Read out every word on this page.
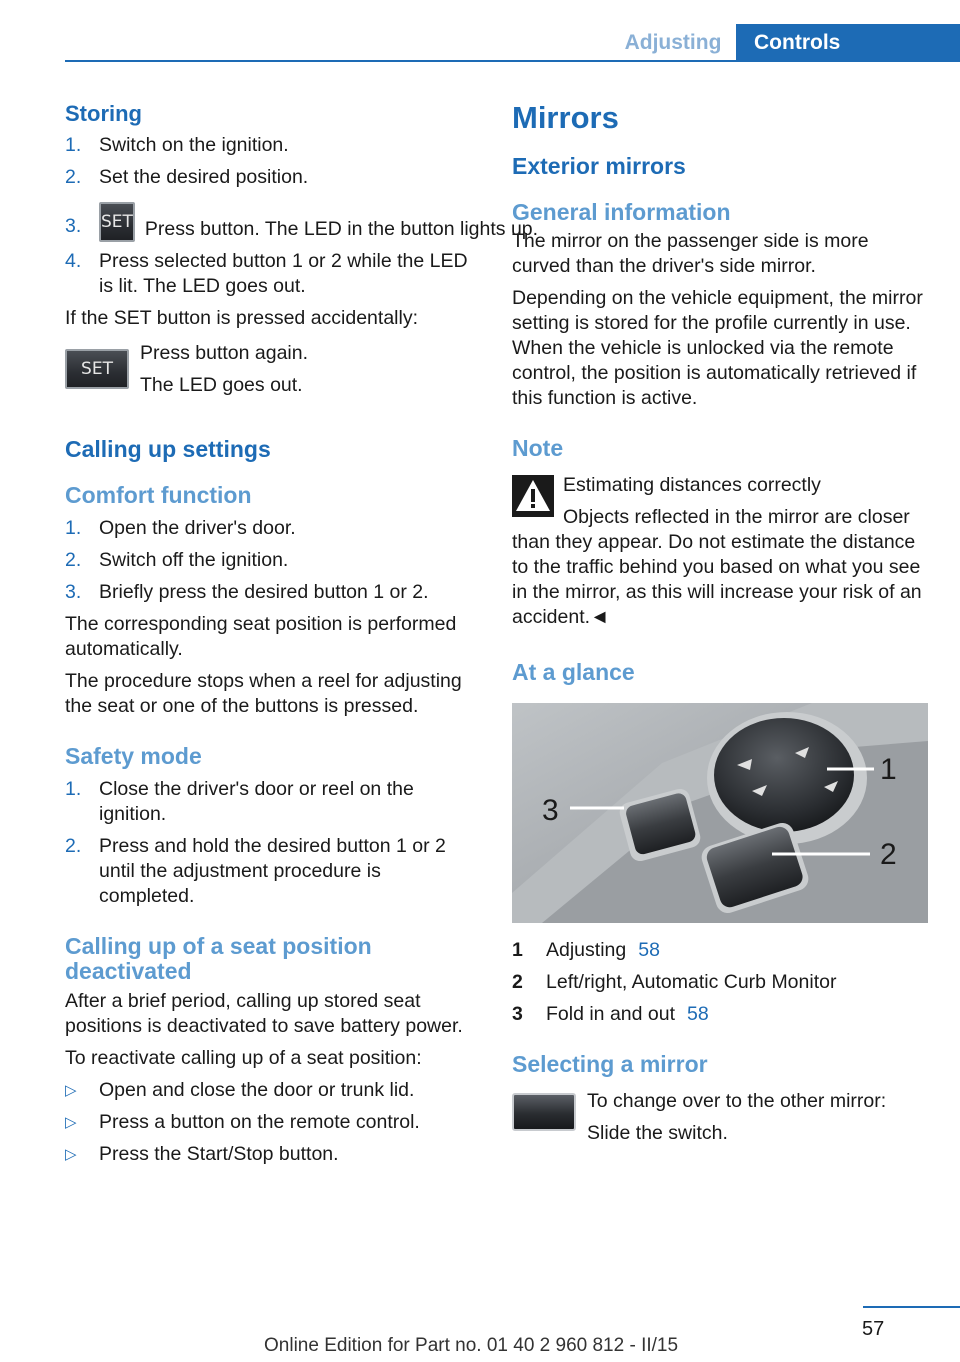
Adjusting	Controls
Storing
1. Switch on the ignition.
2. Set the desired position.
3. SET Press button. The LED in the button lights up.
4. Press selected button 1 or 2 while the LED is lit. The LED goes out.

If the SET button is pressed accidentally:

SET

Press button again.

The LED goes out.

Calling up settings
Comfort function
1. Open the driver's door.
2. Switch off the ignition.
3. Briefly press the desired button 1 or 2.

The corresponding seat position is performed automatically.

The procedure stops when a reel for adjusting the seat or one of the buttons is pressed.

Safety mode
1. Close the driver's door or reel on the ignition.
2. Press and hold the desired button 1 or 2 until the adjustment procedure is completed.
Calling up of a seat position deactivated

After a brief period, calling up stored seat positions is deactivated to save battery power.

To reactivate calling up of a seat position:

▷ Open and close the door or trunk lid.
▷ Press a button on the remote control.
▷ Press the Start/Stop button.
Mirrors
Exterior mirrors
General information

The mirror on the passenger side is more curved than the driver's side mirror.

Depending on the vehicle equipment, the mirror setting is stored for the profile currently in use. When the vehicle is unlocked via the remote control, the position is automatically retrieved if this function is active.

Note

Estimating distances correctly

Objects reflected in the mirror are closer than they appear. Do not estimate the distance to the traffic behind you based on what you see in the mirror, as this will increase your risk of an accident.◄

At a glance
1
2
3
1 Adjusting 58
2 Left/right, Automatic Curb Monitor
3 Fold in and out 58
Selecting a mirror

To change over to the other mirror:

Slide the switch.

57
Online Edition for Part no. 01 40 2 960 812 - II/15
